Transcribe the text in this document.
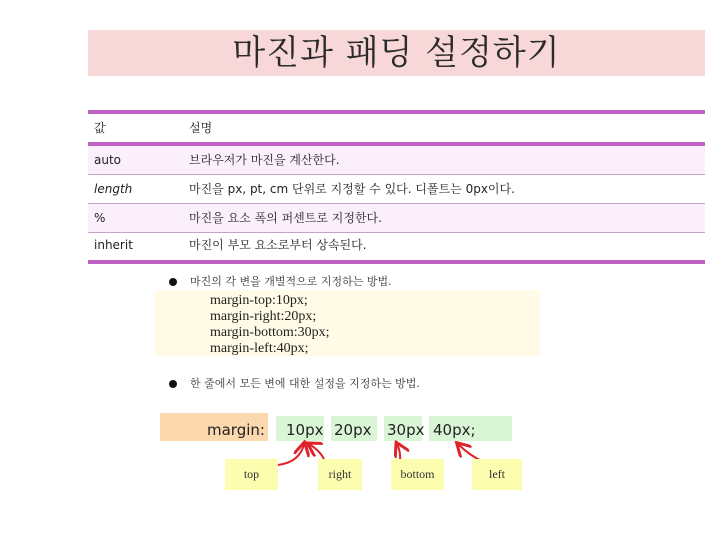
마진과 패딩 설정하기
값	설명
auto	브라우저가 마진을 계산한다.
length	마진을 px, pt, cm 단위로 지정할 수 있다. 디폴트는 0px이다.
%	마진을 요소 폭의 퍼센트로 지정한다.
inherit	마진이 부모 요소로부터 상속된다.
마진의 각 변을 개별적으로 지정하는 방법.
margin-top:10px;
margin-right:20px;
margin-bottom:30px;
margin-left:40px;
한 줄에서 모든 변에 대한 설정을 지정하는 방법.
margin: 10px 20px 30px 40px;
top	right	bottom	left
